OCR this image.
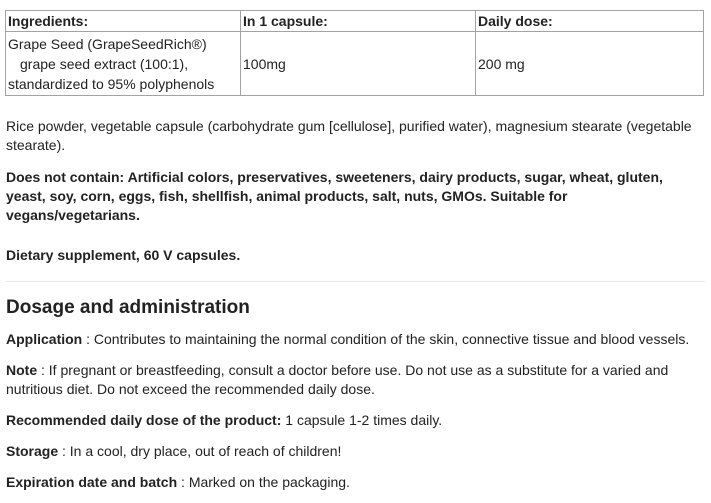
Ingredients:	In 1 capsule:	Daily dose:

Grape Seed (GrapeSeedRich®)
grape seed extract (100:1),
standardized to 95% polyphenols	100mg	200 mg

Rice powder, vegetable capsule (carbohydrate gum [cellulose], purified water), magnesium stearate (vegetable stearate).

Does not contain: Artificial colors, preservatives, sweeteners, dairy products, sugar, wheat, gluten, yeast, soy, corn, eggs, fish, shellfish, animal products, salt, nuts, GMOs. Suitable for vegans/vegetarians.

Dietary supplement, 60 V capsules.

Dosage and administration

Application : Contributes to maintaining the normal condition of the skin, connective tissue and blood vessels.

Note : If pregnant or breastfeeding, consult a doctor before use. Do not use as a substitute for a varied and nutritious diet. Do not exceed the recommended daily dose.

Recommended daily dose of the product: 1 capsule 1-2 times daily.

Storage : In a cool, dry place, out of reach of children!

Expiration date and batch : Marked on the packaging.
